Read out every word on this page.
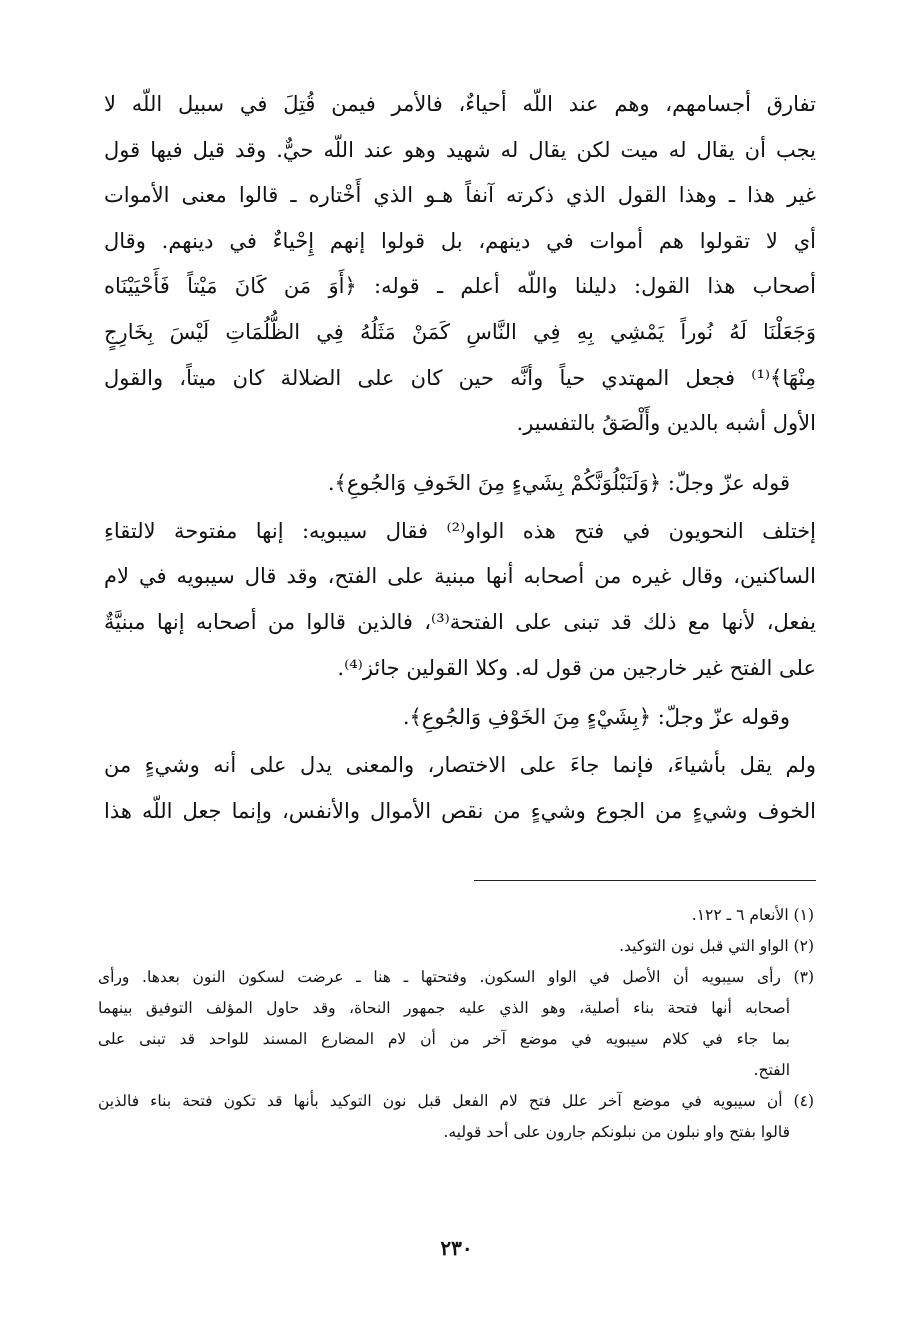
تفارق أجسامهم، وهم عند اللّه أحياءٌ، فالأمر فيمن قُتِلَ في سبيل اللّه لا
يجب أن يقال له ميت لكن يقال له شهيد وهو عند اللّه حيٌّ. وقد قيل فيها قول
غير هذا ـ وهذا القول الذي ذكرته آنفاً هـو الذي أَخْتاره ـ قالوا معنى الأموات
أي لا تقولوا هم أموات في دينهم، بل قولوا إنهم إِحْياءٌ في دينهم. وقال
أصحاب هذا القول: دليلنا واللّه أعلم ـ قوله: ﴿أَوَ مَن كَانَ مَيْتاً فَأَحْيَيْنَاه
وَجَعَلْنَا لَهُ نُوراً يَمْشِي بِهِ فِي النَّاسِ كَمَنْ مَثَلُهُ فِي الظُّلُمَاتِ لَيْسَ بِخَارِجٍ
مِنْهَا﴾⁽¹⁾ فجعل المهتدي حياً وأنَّه حين كان على الضلالة كان ميتاً، والقول
الأول أشبه بالدين وأَلْصَقُ بالتفسير.
قوله عزّ وجلّ: ﴿وَلَنَبْلُوَنَّكُمْ بِشَيءٍ مِنَ الخَوفِ وَالجُوعِ﴾.
إختلف النحويون في فتح هذه الواو⁽²⁾ فقال سيبويه: إنها مفتوحة لالتقاءِ
الساكنين، وقال غيره من أصحابه أنها مبنية على الفتح، وقد قال سيبويه في لام
يفعل، لأنها مع ذلك قد تبنى على الفتحة⁽³⁾، فالذين قالوا من أصحابه إنها مبنيَّةٌ
على الفتح غير خارجين من قول له. وكلا القولين جائز⁽⁴⁾.
وقوله عزّ وجلّ: ﴿بِشَيْءٍ مِنَ الخَوْفِ وَالجُوعِ﴾.
ولم يقل بأشياءَ، فإنما جاءَ على الاختصار، والمعنى يدل على أنه وشيءٍ من
الخوف وشيءٍ من الجوع وشيءٍ من نقص الأموال والأنفس، وإنما جعل اللّه هذا
(١) الأنعام ٦ ـ ١٢٢.
(٢) الواو التي قبل نون التوكيد.
(٣) رأى سيبويه أن الأصل في الواو السكون. وفتحتها ـ هنا ـ عرضت لسكون النون بعدها. ورأى
أصحابه أنها فتحة بناء أصلية، وهو الذي عليه جمهور النحاة، وقد حاول المؤلف التوفيق بينهما
بما جاء في كلام سيبويه في موضع آخر من أن لام المضارع المسند للواحد قد تبنى على
الفتح.
(٤) أن سيبويه في موضع آخر علل فتح لام الفعل قبل نون التوكيد بأنها قد تكون فتحة بناء فالذين
قالوا بفتح واو نبلون من نبلونكم جارون على أحد قوليه.
٢٣٠
